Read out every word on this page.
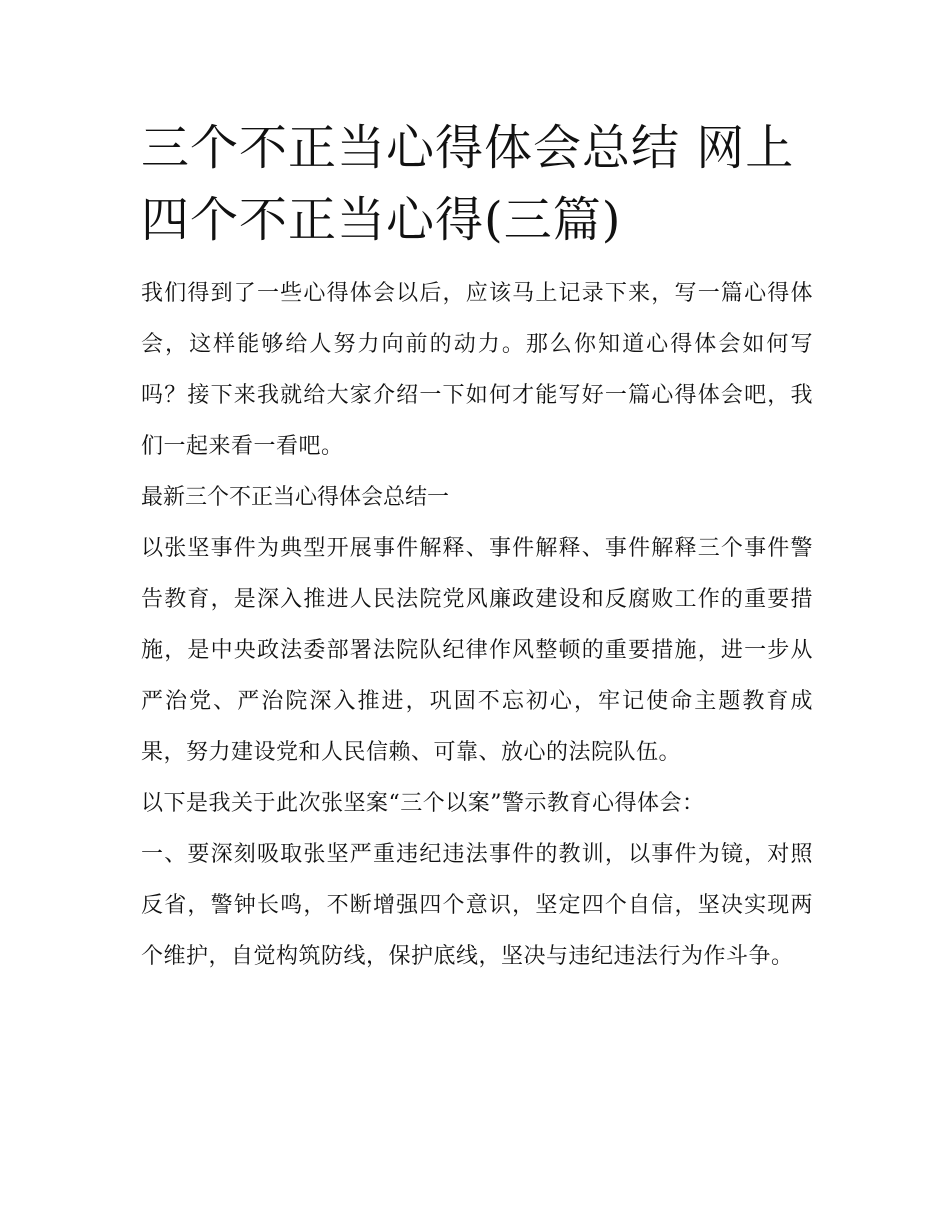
三个不正当心得体会总结 网上四个不正当心得(三篇)

我们得到了一些心得体会以后，应该马上记录下来，写一篇心得体会，这样能够给人努力向前的动力。那么你知道心得体会如何写吗？接下来我就给大家介绍一下如何才能写好一篇心得体会吧，我们一起来看一看吧。

最新三个不正当心得体会总结一

以张坚事件为典型开展事件解释、事件解释、事件解释三个事件警告教育，是深入推进人民法院党风廉政建设和反腐败工作的重要措施，是中央政法委部署法院队纪律作风整顿的重要措施，进一步从严治党、严治院深入推进，巩固不忘初心，牢记使命主题教育成果，努力建设党和人民信赖、可靠、放心的法院队伍。

以下是我关于此次张坚案“三个以案”警示教育心得体会：

一、要深刻吸取张坚严重违纪违法事件的教训，以事件为镜，对照反省，警钟长鸣，不断增强四个意识，坚定四个自信，坚决实现两个维护，自觉构筑防线，保护底线，坚决与违纪违法行为作斗争。
